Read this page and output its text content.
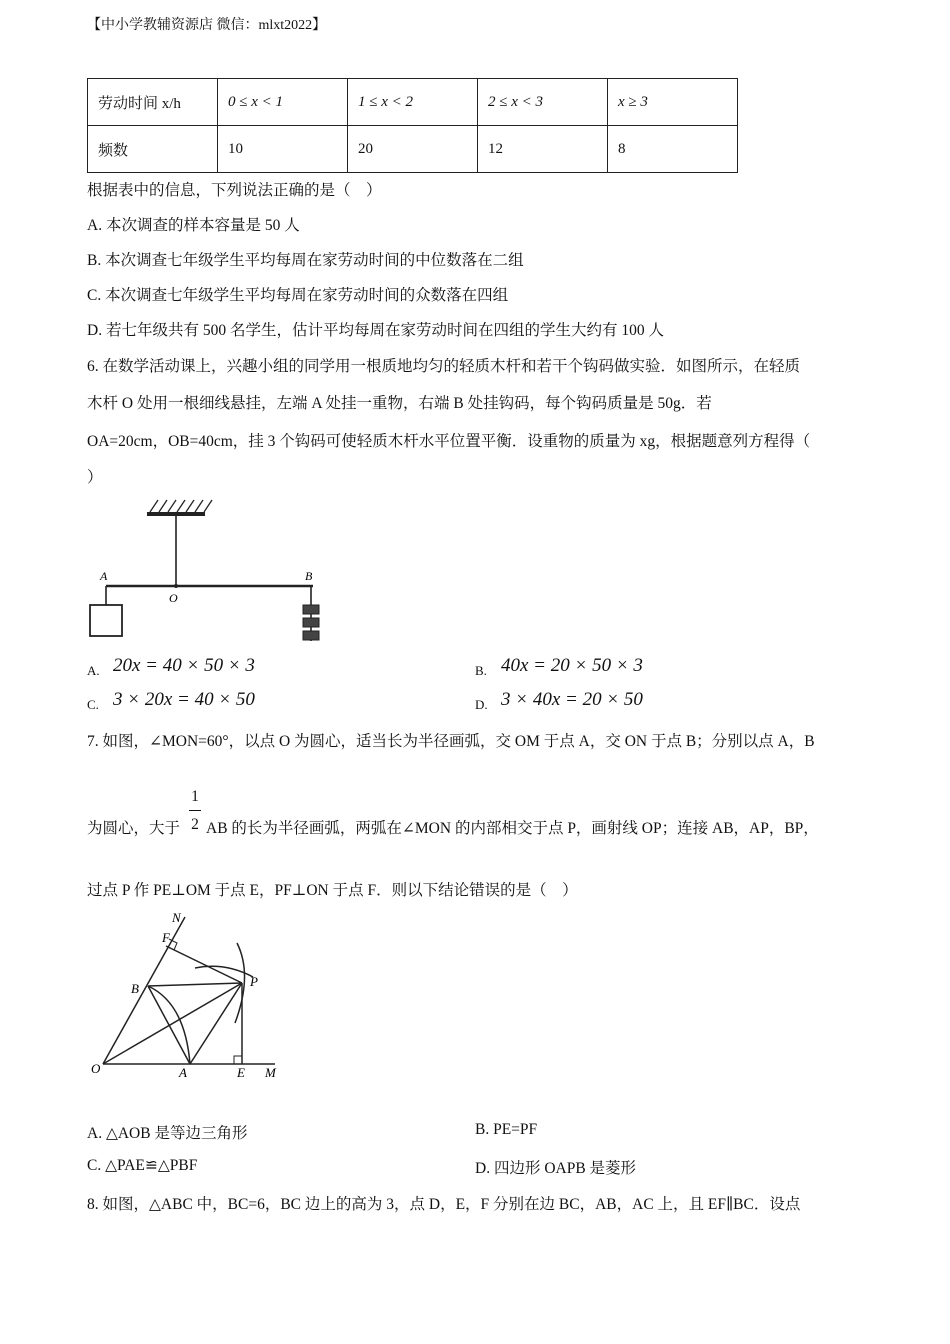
【中小学教辅资源店 微信：mlxt2022】
劳动时间 x/h	0 ≤ x < 1	1 ≤ x < 2	2 ≤ x < 3	x ≥ 3
频数	10	20	12	8
根据表中的信息，下列说法正确的是（　）
A. 本次调查的样本容量是 50 人
B. 本次调查七年级学生平均每周在家劳动时间的中位数落在二组
C. 本次调查七年级学生平均每周在家劳动时间的众数落在四组
D. 若七年级共有 500 名学生，估计平均每周在家劳动时间在四组的学生大约有 100 人
6. 在数学活动课上，兴趣小组的同学用一根质地均匀的轻质木杆和若干个钩码做实验．如图所示，在轻质
木杆 O 处用一根细线悬挂，左端 A 处挂一重物，右端 B 处挂钩码，每个钩码质量是 50g．若
OA=20cm，OB=40cm，挂 3 个钩码可使轻质木杆水平位置平衡．设重物的质量为 xg，根据题意列方程得（
）
A
O
B
A. 20x = 40 × 50 × 3	B. 40x = 20 × 50 × 3
C. 3 × 20x = 40 × 50	D. 3 × 40x = 20 × 50
7. 如图，∠MON=60°，以点 O 为圆心，适当长为半径画弧，交 OM 于点 A，交 ON 于点 B；分别以点 A，B
为圆心，大于
1
2 AB 的长为半径画弧，两弧在∠MON 的内部相交于点 P，画射线 OP；连接 AB，AP，BP，
过点 P 作 PE⊥OM 于点 E，PF⊥ON 于点 F．则以下结论错误的是（　）
N
F
B	P
O	A	E M
A. △AOB 是等边三角形	B. PE=PF
C. △PAE≌△PBF	D. 四边形 OAPB 是菱形
8. 如图，△ABC 中，BC=6，BC 边上的高为 3，点 D，E，F 分别在边 BC，AB，AC 上，且 EF∥BC．设点
